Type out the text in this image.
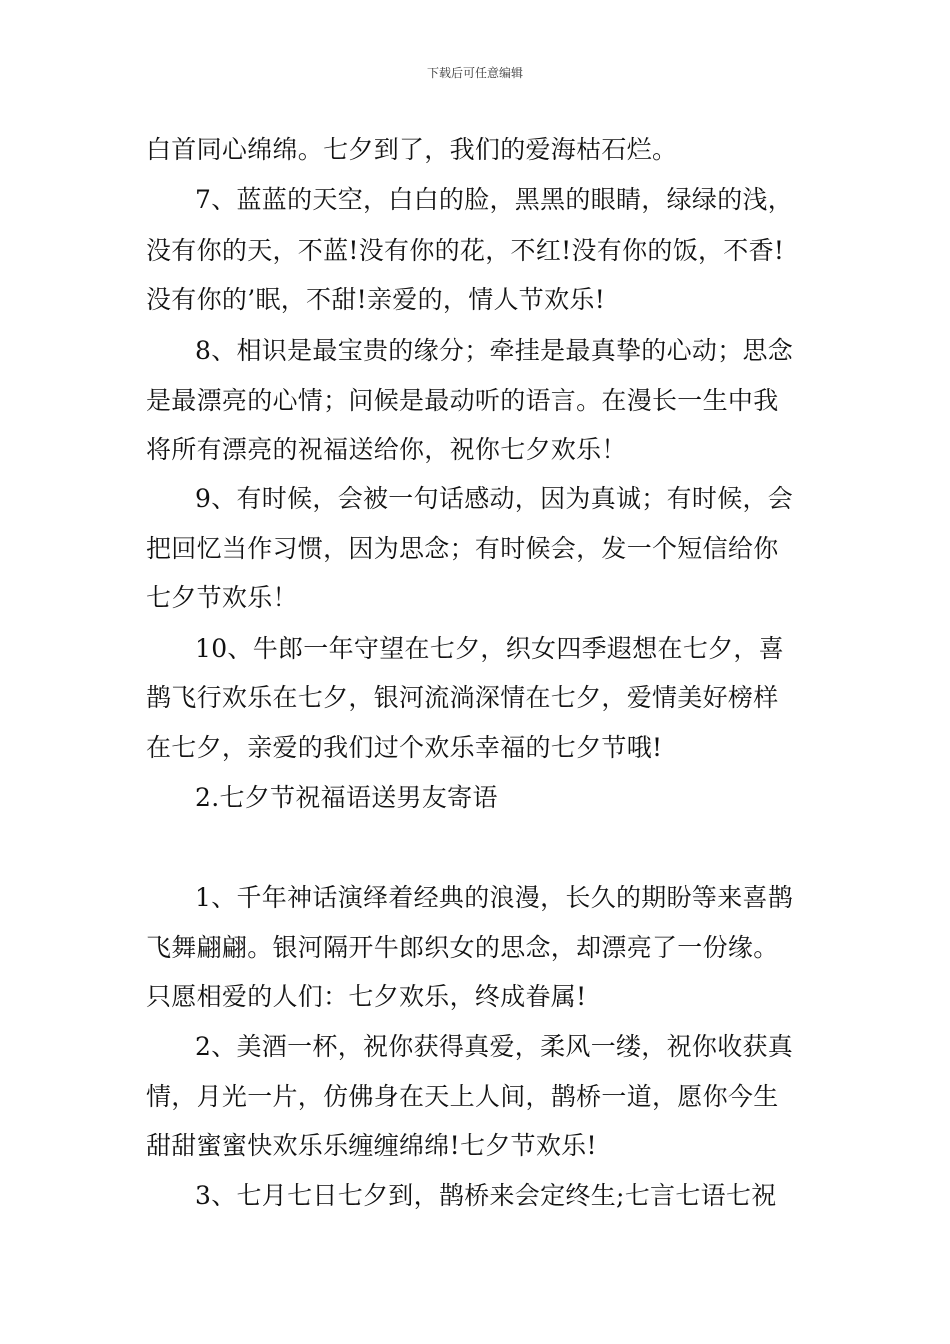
下载后可任意编辑
白首同心绵绵。七夕到了，我们的爱海枯石烂。
7、蓝蓝的天空，白白的脸，黑黑的眼睛，绿绿的浅，
没有你的天，不蓝!没有你的花，不红!没有你的饭，不香!
没有你的’眠，不甜!亲爱的，情人节欢乐!
8、相识是最宝贵的缘分；牵挂是最真挚的心动；思念
是最漂亮的心情；问候是最动听的语言。在漫长一生中我
将所有漂亮的祝福送给你，祝你七夕欢乐！
9、有时候，会被一句话感动，因为真诚；有时候，会
把回忆当作习惯，因为思念；有时候会，发一个短信给你
七夕节欢乐！
10、牛郎一年守望在七夕，织女四季遐想在七夕，喜
鹊飞行欢乐在七夕，银河流淌深情在七夕，爱情美好榜样
在七夕，亲爱的我们过个欢乐幸福的七夕节哦!
2.七夕节祝福语送男友寄语
1、千年神话演绎着经典的浪漫，长久的期盼等来喜鹊
飞舞翩翩。银河隔开牛郎织女的思念，却漂亮了一份缘。
只愿相爱的人们：七夕欢乐，终成眷属!
2、美酒一杯，祝你获得真爱，柔风一缕，祝你收获真
情，月光一片，仿佛身在天上人间，鹊桥一道，愿你今生
甜甜蜜蜜快欢乐乐缠缠绵绵!七夕节欢乐!
3、七月七日七夕到，鹊桥来会定终生;七言七语七祝
